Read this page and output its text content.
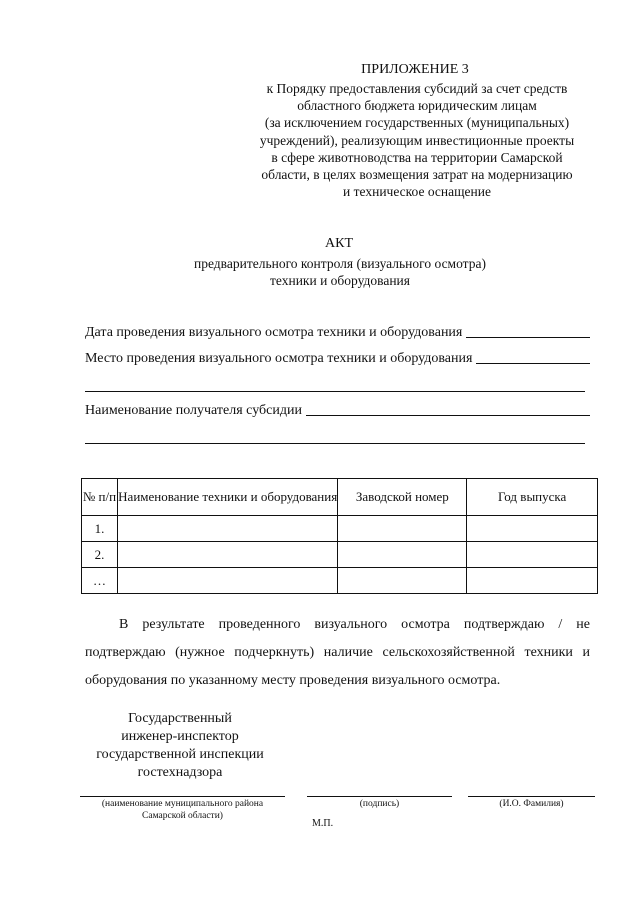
ПРИЛОЖЕНИЕ 3
к Порядку предоставления субсидий за счет средств
областного бюджета юридическим лицам
(за исключением государственных (муниципальных)
учреждений), реализующим инвестиционные проекты
в сфере животноводства на территории Самарской
области, в целях возмещения затрат на модернизацию
и техническое оснащение
АКТ
предварительного контроля (визуального осмотра)
техники и оборудования
Дата проведения визуального осмотра техники и оборудования
Место проведения визуального осмотра техники и оборудования
Наименование получателя субсидии
№ п/п	Наименование техники и оборудования	Заводской номер	Год выпуска
1.			
2.			
…			
В результате проведенного визуального осмотра подтверждаю / не подтверждаю (нужное подчеркнуть) наличие сельскохозяйственной техники и оборудования по указанному месту проведения визуального осмотра.
Государственный
инженер-инспектор
государственной инспекции
гостехнадзора
(наименование муниципального района
Самарской области)
(подпись)	(И.О. Фамилия)
М.П.
